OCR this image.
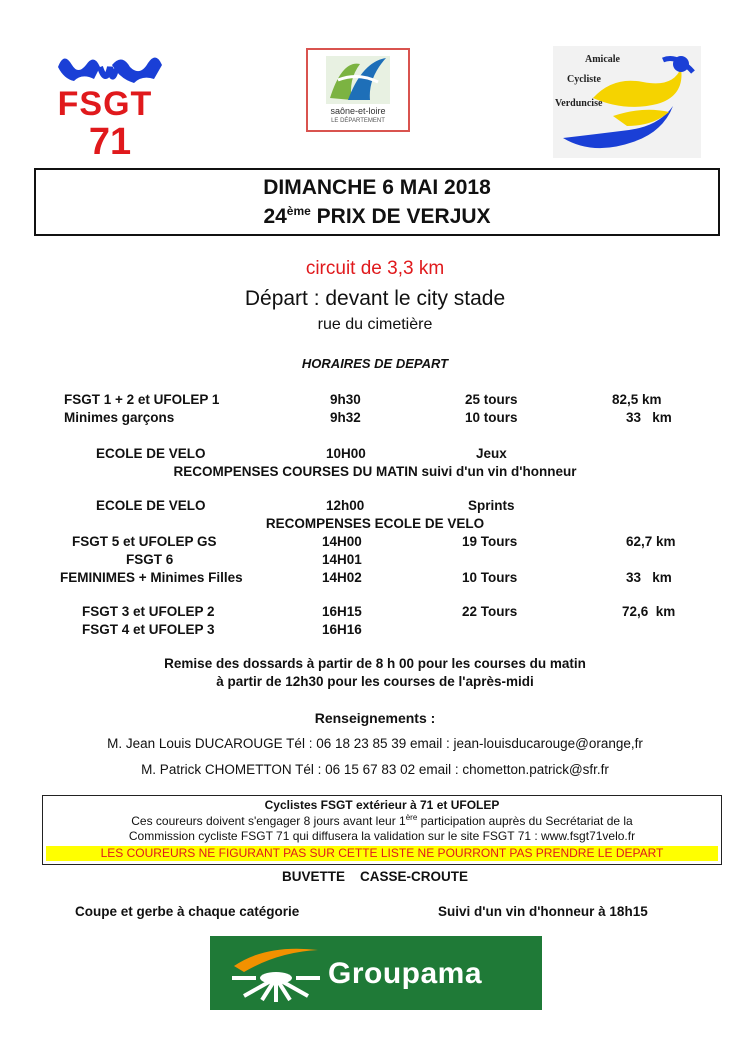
FSGT
71
saône-et-loire
LE DÉPARTEMENT
Amicale
Cycliste
Verduncise
DIMANCHE 6 MAI 2018
24ème PRIX DE VERJUX
circuit de 3,3 km
Départ : devant le city stade
rue du cimetière
HORAIRES DE DEPART
FSGT 1 + 2 et UFOLEP 1	9h30	25 tours	82,5 km
Minimes garçons	9h32	10 tours	33   km
ECOLE DE VELO	10H00	Jeux
RECOMPENSES COURSES DU MATIN suivi d'un vin d'honneur
ECOLE DE VELO	12h00	Sprints
RECOMPENSES ECOLE DE VELO
FSGT 5 et UFOLEP GS	14H00	19 Tours	62,7 km
FSGT 6	14H01
FEMINIMES + Minimes Filles	14H02	10 Tours	33   km
FSGT 3 et UFOLEP 2	16H15	22 Tours	72,6  km
FSGT 4 et UFOLEP 3	16H16
Remise des dossards à partir de 8 h 00 pour les courses du matin
à partir de 12h30 pour les courses de l'après-midi
Renseignements :
M. Jean Louis DUCAROUGE Tél : 06 18 23 85 39 email : jean-louisducarouge@orange,fr
M. Patrick CHOMETTON Tél : 06 15 67 83 02 email : chometton.patrick@sfr.fr
Cyclistes FSGT extérieur à 71 et UFOLEP
Ces coureurs doivent s'engager 8 jours avant leur 1ère participation auprès du Secrétariat de la
Commission cycliste FSGT 71 qui diffusera la validation sur le site FSGT 71 : www.fsgt71velo.fr
LES COUREURS NE FIGURANT PAS SUR CETTE LISTE NE POURRONT PAS PRENDRE LE DEPART
BUVETTE    CASSE-CROUTE
Coupe et gerbe à chaque catégorie	Suivi d'un vin d'honneur à 18h15
Groupama
